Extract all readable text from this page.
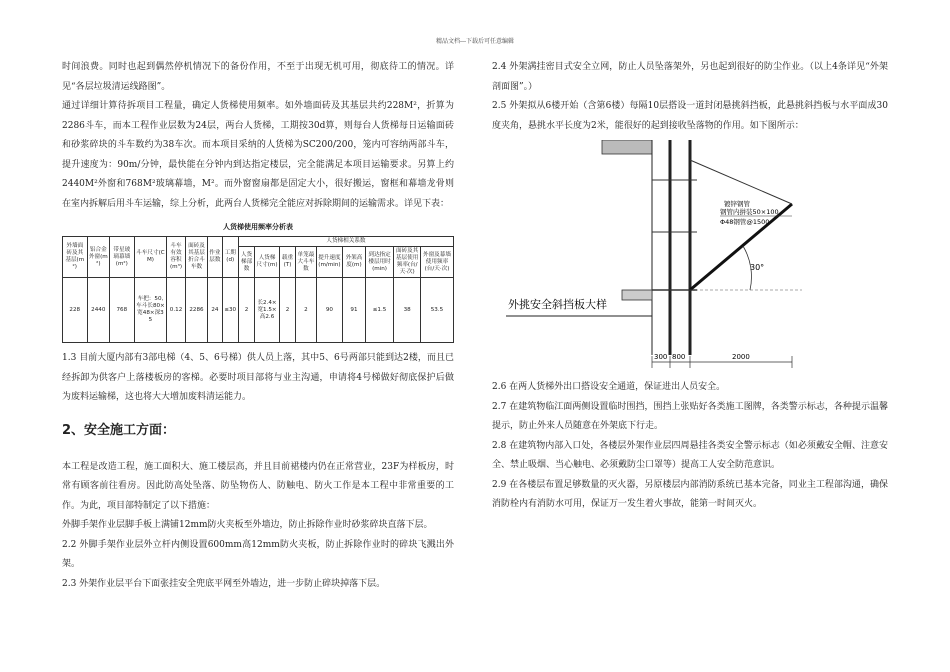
精品文档---下载后可任意编辑

时间浪费。同时也起到偶然停机情况下的备份作用，不至于出现无机可用，彻底待工的情况。详见“各层垃圾清运线路图”。

通过详细计算待拆项目工程量，确定人货梯使用频率。如外墙面砖及其基层共约228M²，折算为2286斗车，而本工程作业层数为24层，两台人货梯，工期按30d算，则每台人货梯每日运输面砖和砂浆碎块的斗车数约为38车次。而本项目采纳的人货梯为SC200/200，笼内可容纳两部斗车，提升速度为：90m/分钟，最快能在分钟内到达指定楼层，完全能满足本项目运输要求。另算上约2440M²外窗和768M²玻璃幕墙，M²。而外窗窗扇都是固定大小，很好搬运，窗框和幕墙龙骨则在室内拆解后用斗车运输，综上分析，此两台人货梯完全能应对拆除期间的运输需求。详见下表：

人货梯使用频率分析表
外墙面砖及其基层(m²)	铝合金外窗(m²)	带星玻璃幕墙(m²)	斗车尺寸(CM)	斗车有效容积(m³)	面砖及其基层折合斗车数	作业层数	工期(d)	人货梯相关系数								
								人货梯部数	人货梯尺寸(m)	载重(T)	单笼最大斗车数	提升速度(m/min)	外架高度(m)	到达指定楼层用时(min)	面砖及其基层使用频率(台/天·次)	外窗及幕墙使用频率(台/天·次)
228	2440	768	车把：50,车斗长80×宽48×深35	0.12	2286	24	≤30	2	长2.4×宽1.5×高2.6	2	2	90	91	≤1.5	38	53.5

1.3 目前大厦内部有3部电梯（4、5、6号梯）供人员上落，其中5、6号两部只能到达2楼，而且已经拆卸为供客户上落楼板房的客梯。必要时项目部将与业主沟通，申请将4号梯做好彻底保护后做为废料运输梯，这也将大大增加废料清运能力。

2、安全施工方面：

本工程是改造工程，施工面积大、施工楼层高，并且目前裙楼内仍在正常营业，23F为样板房，时常有顾客前往看房。因此防高处坠落、防坠物伤人、防触电、防火工作是本工程中非常重要的工作。为此，项目部特制定了以下措施：

外脚手架作业层脚手板上满铺12mm防火夹板至外墙边，防止拆除作业时砂浆碎块直落下层。

2.2 外脚手架作业层外立杆内侧设置600mm高12mm防火夹板，防止拆除作业时的碎块飞溅出外架。

2.3 外架作业层平台下面张挂安全兜底平网至外墙边，进一步防止碎块掉落下层。

2.4 外架满挂密目式安全立网，防止人员坠落架外，另也起到很好的防尘作业。（以上4条详见“外架剖面图”。）

2.5 外架拟从6楼开始（含第6楼）每隔10层搭设一道封闭悬挑斜挡板，此悬挑斜挡板与水平面成30度夹角，悬挑水平长度为2米，能很好的起到接收坠落物的作用。如下图所示：

30°
镀锌钢管
钢管内拼装50×100
Φ48钢管@1500
外挑安全斜挡板大样
300 800	2000

2.6 在两人货梯外出口搭设安全通道，保证进出人员安全。

2.7 在建筑物临江面两侧设置临时围挡，围挡上张贴好各类施工图牌，各类警示标志，各种提示温馨提示，防止外来人员随意在外架底下行走。

2.8 在建筑物内部入口处，各楼层外架作业层四周悬挂各类安全警示标志（如必须戴安全帽、注意安全、禁止吸烟、当心触电、必须戴防尘口罩等）提高工人安全防范意识。

2.9 在各楼层布置足够数量的灭火器，另原楼层内部消防系统已基本完备，同业主工程部沟通，确保消防栓内有消防水可用，保证万一发生着火事故，能第一时间灭火。
